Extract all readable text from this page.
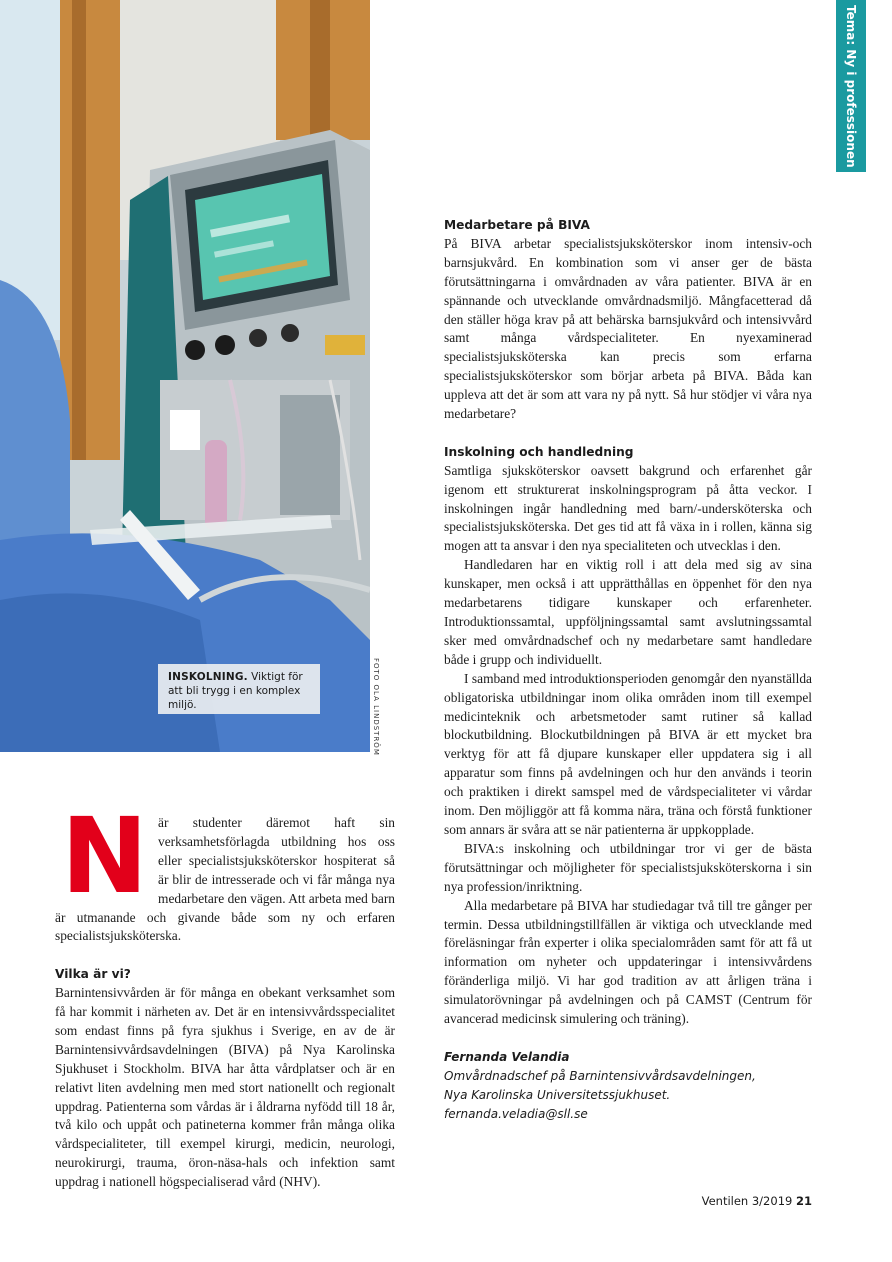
INSKOLNING. Viktigt för att bli trygg i en komplex miljö.	FOTO OLA LINDSTRÖM
Tema: Ny i professionen
N är studenter däremot haft sin verksamhetsförlagda utbildning hos oss eller specialistsjuksköterskor hospiterat så är blir de intresserade och vi får många nya medarbetare den vägen. Att arbeta med barn är utmanande och givande både som ny och erfaren specialistsjuksköterska.

Vilka är vi?

Barnintensivvården är för många en obekant verksamhet som få har kommit i närheten av. Det är en intensivvårdsspecialitet som endast finns på fyra sjukhus i Sverige, en av de är Barnintensivvårdsavdelningen (BIVA) på Nya Karolinska Sjukhuset i Stockholm. BIVA har åtta vårdplatser och är en relativt liten avdelning men med stort nationellt och regionalt uppdrag. Patienterna som vårdas är i åldrarna nyfödd till 18 år, två kilo och uppåt och patineterna kommer från många olika vårdspecialiteter, till exempel kirurgi, medicin, neurologi, neurokirurgi, trauma, öron-näsa-hals och infektion samt uppdrag i nationell högspecialiserad vård (NHV).

Medarbetare på BIVA

På BIVA arbetar specialistsjuksköterskor inom intensiv-och barnsjukvård. En kombination som vi anser ger de bästa förutsättningarna i omvårdnaden av våra patienter. BIVA är en spännande och utvecklande omvårdnadsmiljö. Mångfacetterad då den ställer höga krav på att behärska barnsjukvård och intensivvård samt många vårdspecialiteter. En nyexaminerad specialistsjuksköterska kan precis som erfarna specialistsjuksköterskor som börjar arbeta på BIVA. Båda kan uppleva att det är som att vara ny på nytt. Så hur stödjer vi våra nya medarbetare?

Inskolning och handledning

Samtliga sjuksköterskor oavsett bakgrund och erfarenhet går igenom ett strukturerat inskolningsprogram på åtta veckor. I inskolningen ingår handledning med barn/-undersköterska och specialistsjuksköterska. Det ges tid att få växa in i rollen, känna sig mogen att ta ansvar i den nya specialiteten och utvecklas i den.

Handledaren har en viktig roll i att dela med sig av sina kunskaper, men också i att upprätthållas en öppenhet för den nya medarbetarens tidigare kunskaper och erfarenheter. Introduktionssamtal, uppföljningssamtal samt avslutningssamtal sker med omvårdnadschef och ny medarbetare samt handledare både i grupp och individuellt.

I samband med introduktionsperioden genomgår den nyanställda obligatoriska utbildningar inom olika områden inom till exempel medicinteknik och arbetsmetoder samt rutiner så kallad blockutbildning. Blockutbildningen på BIVA är ett mycket bra verktyg för att få djupare kunskaper eller uppdatera sig i all apparatur som finns på avdelningen och hur den används i teorin och praktiken i direkt samspel med de vårdspecialiteter vi vårdar inom. Den möjliggör att få komma nära, träna och förstå funktioner som annars är svåra att se när patienterna är uppkopplade.

BIVA:s inskolning och utbildningar tror vi ger de bästa förutsättningar och möjligheter för specialistsjuksköterskorna i sin nya profession/inriktning.

Alla medarbetare på BIVA har studiedagar två till tre gånger per termin. Dessa utbildningstillfällen är viktiga och utvecklande med föreläsningar från experter i olika specialområden samt för att få ut information om nyheter och uppdateringar i intensivvårdens föränderliga miljö. Vi har god tradition av att årligen träna i simulatorövningar på avdelningen och på CAMST (Centrum för avancerad medicinsk simulering och träning).

Fernanda Velandia
Omvårdnadschef på Barnintensivvårdsavdelningen,
Nya Karolinska Universitetssjukhuset.
fernanda.veladia@sll.se
Ventilen 3/2019 21
